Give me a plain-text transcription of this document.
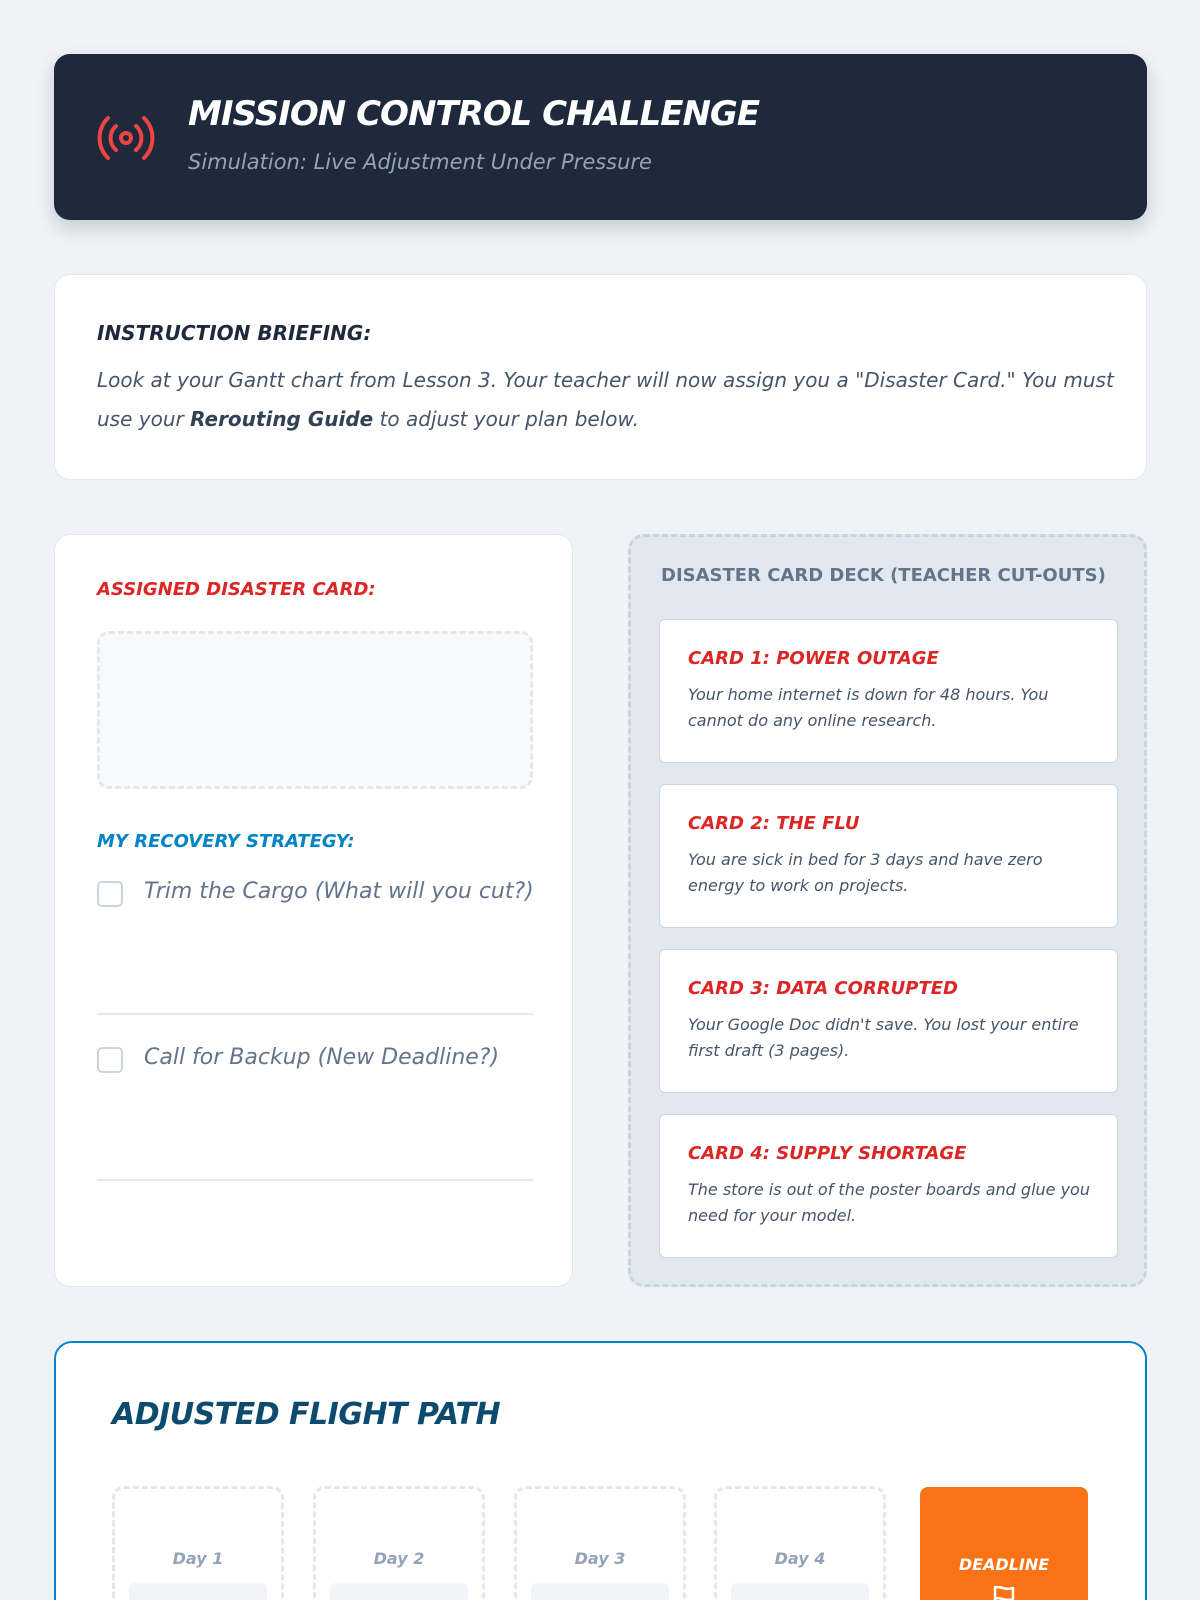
MISSION CONTROL CHALLENGE
Simulation: Live Adjustment Under Pressure
INSTRUCTION BRIEFING:
Look at your Gantt chart from Lesson 3. Your teacher will now assign you a "Disaster Card." You must use your Rerouting Guide to adjust your plan below.
ASSIGNED DISASTER CARD:
MY RECOVERY STRATEGY:
Trim the Cargo (What will you cut?)
Call for Backup (New Deadline?)
DISASTER CARD DECK (TEACHER CUT-OUTS)
CARD 1: POWER OUTAGE
Your home internet is down for 48 hours. You cannot do any online research.
CARD 2: THE FLU
You are sick in bed for 3 days and have zero energy to work on projects.
CARD 3: DATA CORRUPTED
Your Google Doc didn't save. You lost your entire first draft (3 pages).
CARD 4: SUPPLY SHORTAGE
The store is out of the poster boards and glue you need for your model.
ADJUSTED FLIGHT PATH
Day 1	Day 2	Day 3	Day 4	DEADLINE
